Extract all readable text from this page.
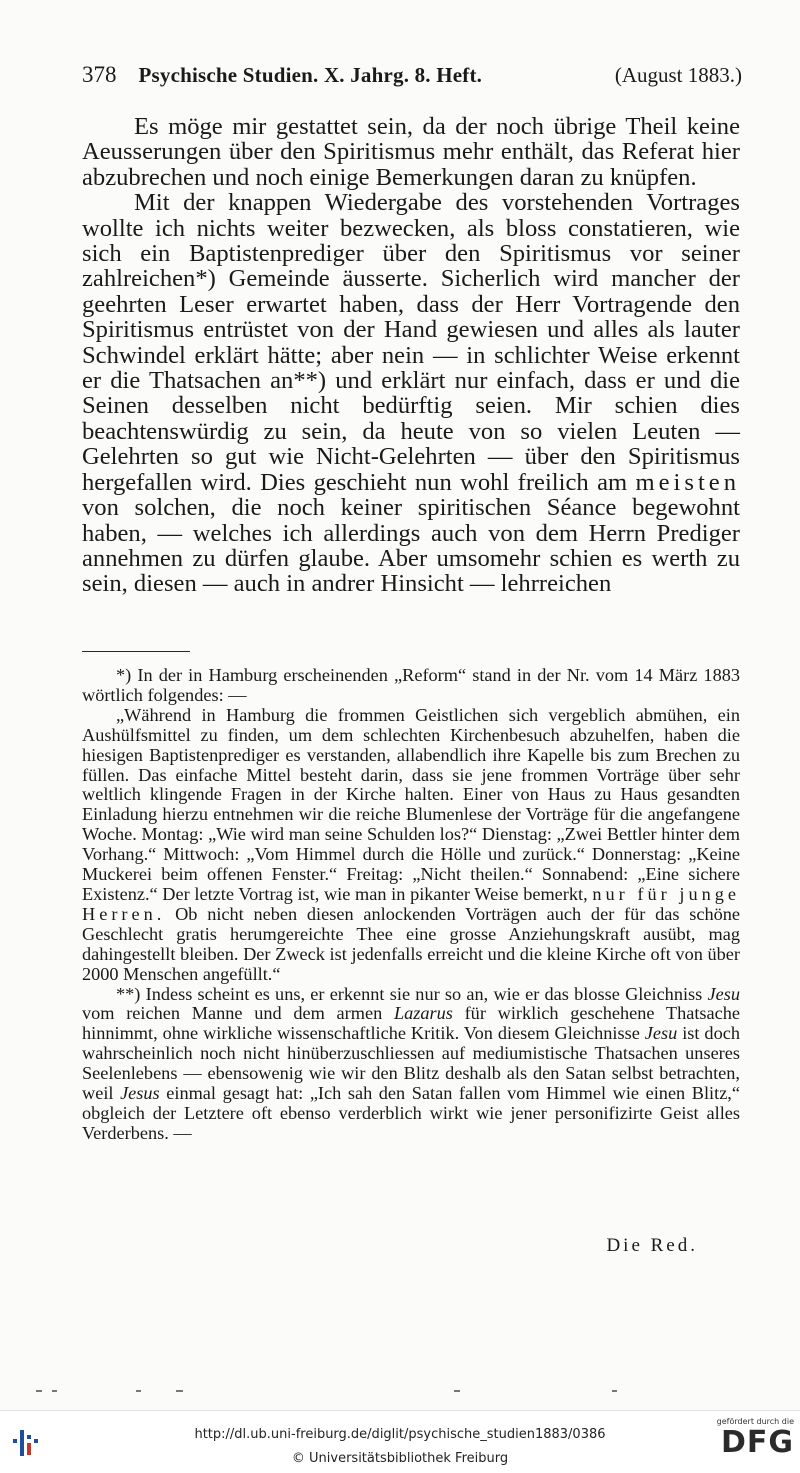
378 Psychische Studien. X. Jahrg. 8. Heft.	(August 1883.)

Es möge mir gestattet sein, da der noch übrige Theil keine Aeusserungen über den Spiritismus mehr enthält, das Referat hier abzubrechen und noch einige Bemerkungen daran zu knüpfen.

Mit der knappen Wiedergabe des vorstehenden Vortrages wollte ich nichts weiter bezwecken, als bloss constatieren, wie sich ein Baptistenprediger über den Spiritismus vor seiner zahlreichen*) Gemeinde äusserte. Sicherlich wird mancher der geehrten Leser erwartet haben, dass der Herr Vortragende den Spiritismus entrüstet von der Hand gewiesen und alles als lauter Schwindel erklärt hätte; aber nein — in schlichter Weise erkennt er die Thatsachen an**) und erklärt nur einfach, dass er und die Seinen desselben nicht bedürftig seien. Mir schien dies beachtenswürdig zu sein, da heute von so vielen Leuten — Gelehrten so gut wie Nicht-Gelehrten — über den Spiritismus hergefallen wird. Dies geschieht nun wohl freilich am meisten von solchen, die noch keiner spiritischen Séance begewohnt haben, — welches ich allerdings auch von dem Herrn Prediger annehmen zu dürfen glaube. Aber umsomehr schien es werth zu sein, diesen — auch in andrer Hinsicht — lehrreichen

*) In der in Hamburg erscheinenden „Reform“ stand in der Nr. vom 14 März 1883 wörtlich folgendes: —

„Während in Hamburg die frommen Geistlichen sich vergeblich abmühen, ein Aushülfsmittel zu finden, um dem schlechten Kirchenbesuch abzuhelfen, haben die hiesigen Baptistenprediger es verstanden, allabendlich ihre Kapelle bis zum Brechen zu füllen. Das einfache Mittel besteht darin, dass sie jene frommen Vorträge über sehr weltlich klingende Fragen in der Kirche halten. Einer von Haus zu Haus gesandten Einladung hierzu entnehmen wir die reiche Blumenlese der Vorträge für die angefangene Woche. Montag: „Wie wird man seine Schulden los?“ Dienstag: „Zwei Bettler hinter dem Vorhang.“ Mittwoch: „Vom Himmel durch die Hölle und zurück.“ Donnerstag: „Keine Muckerei beim offenen Fenster.“ Freitag: „Nicht theilen.“ Sonnabend: „Eine sichere Existenz.“ Der letzte Vortrag ist, wie man in pikanter Weise bemerkt, nur für junge Herren. Ob nicht neben diesen anlockenden Vorträgen auch der für das schöne Geschlecht gratis herumgereichte Thee eine grosse Anziehungskraft ausübt, mag dahingestellt bleiben. Der Zweck ist jedenfalls erreicht und die kleine Kirche oft von über 2000 Menschen angefüllt.“

**) Indess scheint es uns, er erkennt sie nur so an, wie er das blosse Gleichniss Jesu vom reichen Manne und dem armen Lazarus für wirklich geschehene Thatsache hinnimmt, ohne wirkliche wissenschaftliche Kritik. Von diesem Gleichnisse Jesu ist doch wahrscheinlich noch nicht hinüberzuschliessen auf mediumistische Thatsachen unseres Seelenlebens — ebensowenig wie wir den Blitz deshalb als den Satan selbst betrachten, weil Jesus einmal gesagt hat: „Ich sah den Satan fallen vom Himmel wie einen Blitz,“ obgleich der Letztere oft ebenso verderblich wirkt wie jener personifizirte Geist alles Verderbens. —

Die Red.
http://dl.ub.uni-freiburg.de/diglit/psychische_studien1883/0386
© Universitätsbibliothek Freiburg
gefördert durch die
DFG
